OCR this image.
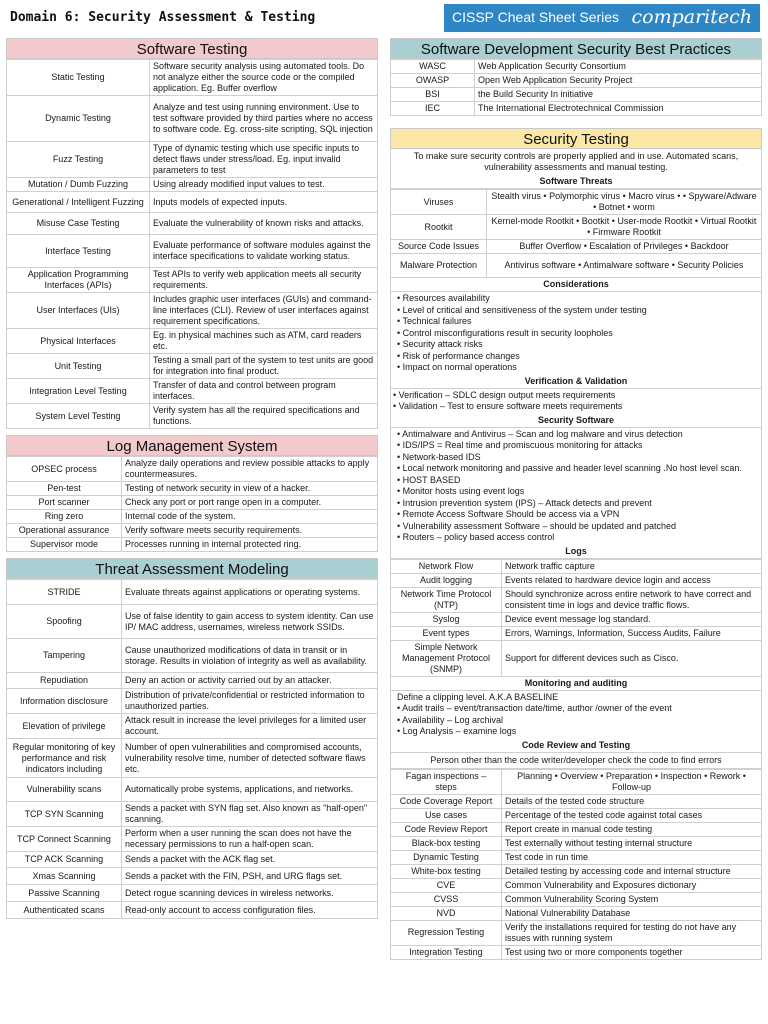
Domain 6: Security Assessment & Testing	CISSP Cheat Sheet Series comparitech
Software Testing
Static Testing	Software security analysis using automated tools. Do not analyze either the source code or the compiled application. Eg. Buffer overflow
Dynamic Testing	Analyze and test using running environment. Use to test software provided by third parties where no access to software code. Eg. cross-site scripting, SQL injection
Fuzz Testing	Type of dynamic testing which use specific inputs to detect flaws under stress/load. Eg. input invalid parameters to test
Mutation / Dumb Fuzzing	Using already modified input values to test.
Generational / Intelligent Fuzzing	Inputs models of expected inputs.
Misuse Case Testing	Evaluate the vulnerability of known risks and attacks.
Interface Testing	Evaluate performance of software modules against the interface specifications to validate working status.
Application Programming Interfaces (APIs)	Test APIs to verify web application meets all security requirements.
User Interfaces (UIs)	Includes graphic user interfaces (GUIs) and command-line interfaces (CLI). Review of user interfaces against requirement specifications.
Physical Interfaces	Eg. in physical machines such as ATM, card readers etc.
Unit Testing	Testing a small part of the system to test units are good for integration into final product.
Integration Level Testing	Transfer of data and control between program interfaces.
System Level Testing	Verify system has all the required specifications and functions.
Log Management System
OPSEC process	Analyze daily operations and review possible attacks to apply countermeasures.
Pen-test	Testing of network security in view of a hacker.
Port scanner	Check any port or port range open in a computer.
Ring zero	Internal code of the system.
Operational assurance	Verify software meets security requirements.
Supervisor mode	Processes running in internal protected ring.
Threat Assessment Modeling
STRIDE	Evaluate threats against applications or operating systems.
Spoofing	Use of false identity to gain access to system identity. Can use IP/ MAC address, usernames, wireless network SSIDs.
Tampering	Cause unauthorized modifications of data in transit or in storage. Results in violation of integrity as well as availability.
Repudiation	Deny an action or activity carried out by an attacker.
Information disclosure	Distribution of private/confidential or restricted information to unauthorized parties.
Elevation of privilege	Attack result in increase the level privileges for a limited user account.
Regular monitoring of key performance and risk indicators including	Number of open vulnerabilities and compromised accounts, vulnerability resolve time, number of detected software flaws etc.
Vulnerability scans	Automatically probe systems, applications, and networks.
TCP SYN Scanning	Sends a packet with SYN flag set. Also known as "half-open" scanning.
TCP Connect Scanning	Perform when a user running the scan does not have the necessary permissions to run a half-open scan.
TCP ACK Scanning	Sends a packet with the ACK flag set.
Xmas Scanning	Sends a packet with the FIN, PSH, and URG flags set.
Passive Scanning	Detect rogue scanning devices in wireless networks.
Authenticated scans	Read-only account to access configuration files.
Software Development Security Best Practices
WASC	Web Application Security Consortium
OWASP	Open Web Application Security Project
BSI	the Build Security In initiative
IEC	The International Electrotechnical Commission
Security Testing
To make sure security controls are properly applied and in use. Automated scans, vulnerability assessments and manual testing.
Software Threats
Viruses	Stealth virus • Polymorphic virus • Macro virus • • Spyware/Adware • Botnet • worm
Rootkit	Kernel-mode Rootkit • Bootkit • User-mode Rootkit • Virtual Rootkit • Firmware Rootkit
Source Code Issues	Buffer Overflow • Escalation of Privileges • Backdoor
Malware Protection	Antivirus software • Antimalware software • Security Policies
Considerations
• Resources availability
• Level of critical and sensitiveness of the system under testing
• Technical failures
• Control misconfigurations result in security loopholes
• Security attack risks
• Risk of performance changes
• Impact on normal operations
Verification & Validation
• Verification – SDLC design output meets requirements
• Validation – Test to ensure software meets requirements
Security Software
• Antimalware and Antivirus – Scan and log malware and virus detection
• IDS/IPS = Real time and promiscuous monitoring for attacks
• Network-based IDS
• Local network monitoring and passive and header level scanning .No host level scan.
• HOST BASED
• Monitor hosts using event logs
• Intrusion prevention system (IPS) – Attack detects and prevent
• Remote Access Software Should be access via a VPN
• Vulnerability assessment Software – should be updated and patched
• Routers – policy based access control
Logs
Network Flow	Network traffic capture
Audit logging	Events related to hardware device login and access
Network Time Protocol (NTP)	Should synchronize across entire network to have correct and consistent time in logs and device traffic flows.
Syslog	Device event message log standard.
Event types	Errors, Warnings, Information, Success Audits, Failure
Simple Network Management Protocol (SNMP)	Support for different devices such as Cisco.
Monitoring and auditing
Define a clipping level. A.K.A BASELINE
• Audit trails – event/transaction date/time, author /owner of the event
• Availability – Log archival
• Log Analysis – examine logs
Code Review and Testing
Person other than the code writer/developer check the code to find errors
Fagan inspections – steps	Planning • Overview • Preparation • Inspection • Rework • Follow-up
Code Coverage Report	Details of the tested code structure
Use cases	Percentage of the tested code against total cases
Code Review Report	Report create in manual code testing
Black-box testing	Test externally without testing internal structure
Dynamic Testing	Test code in run time
White-box testing	Detailed testing by accessing code and internal structure
CVE	Common Vulnerability and Exposures dictionary
CVSS	Common Vulnerability Scoring System
NVD	National Vulnerability Database
Regression Testing	Verify the installations required for testing do not have any issues with running system
Integration Testing	Test using two or more components together
